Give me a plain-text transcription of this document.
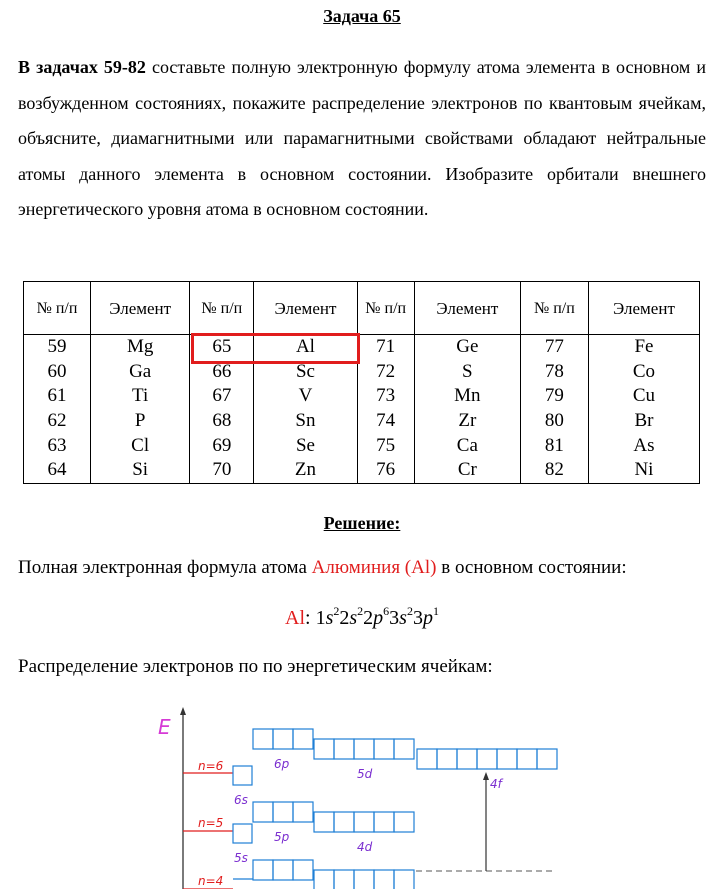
Задача 65

В задачах 59-82 составьте полную электронную формулу атома элемента в основном и возбужденном состояниях, покажите распределение электронов по квантовым ячейкам, объясните, диамагнитными или парамагнитными свойствами обладают нейтральные атомы данного элемента в основном состоянии. Изобразите орбитали внешнего энергетического уровня атома в основном состоянии.

№ п/п	Элемент	№ п/п	Элемент	№ п/п	Элемент	№ п/п	Элемент
59	Mg	65	Al	71	Ge	77	Fe
60	Ga	66	Sc	72	S	78	Co
61	Ti	67	V	73	Mn	79	Cu
62	P	68	Sn	74	Zr	80	Br
63	Cl	69	Se	75	Ca	81	As
64	Si	70	Zn	76	Cr	82	Ni
Решение:
Полная электронная формула атома Алюминия (Al) в основном состоянии:
Al: $1s^22s^22p^63s^23p^1$
Распределение электронов по по энергетическим ячейкам:
E
n=6
n=5
n=4
6p
5d
4f
6s
5p
4d
5s
